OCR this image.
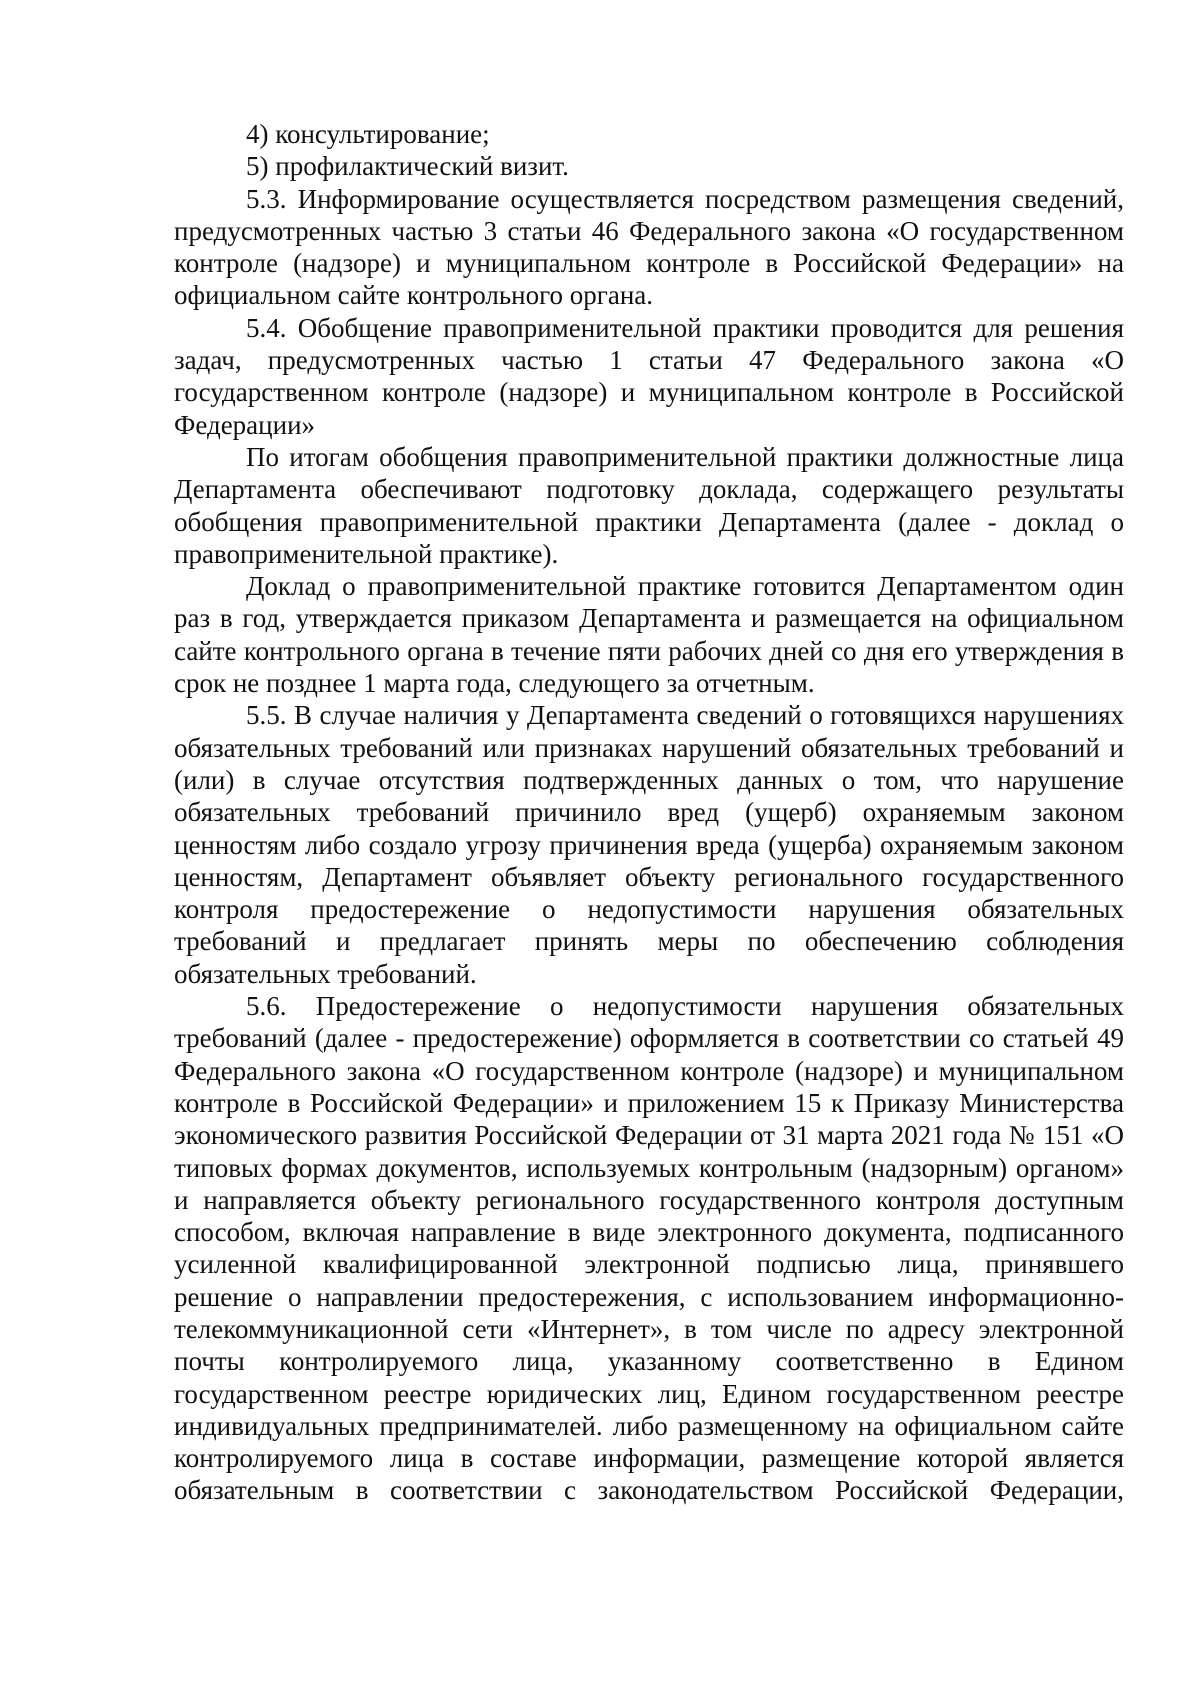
4) консультирование;

5) профилактический визит.

5.3. Информирование осуществляется посредством размещения сведений, предусмотренных частью 3 статьи 46 Федерального закона «О государственном контроле (надзоре) и муниципальном контроле в Российской Федерации» на официальном сайте контрольного органа.

5.4. Обобщение правоприменительной практики проводится для решения задач, предусмотренных частью 1 статьи 47 Федерального закона «О государственном контроле (надзоре) и муниципальном контроле в Российской Федерации»

По итогам обобщения правоприменительной практики должностные лица Департамента обеспечивают подготовку доклада, содержащего результаты обобщения правоприменительной практики Департамента (далее - доклад о правоприменительной практике).

Доклад о правоприменительной практике готовится Департаментом один раз в год, утверждается приказом Департамента и размещается на официальном сайте контрольного органа в течение пяти рабочих дней со дня его утверждения в срок не позднее 1 марта года, следующего за отчетным.

5.5. В случае наличия у Департамента сведений о готовящихся нарушениях обязательных требований или признаках нарушений обязательных требований и (или) в случае отсутствия подтвержденных данных о том, что нарушение обязательных требований причинило вред (ущерб) охраняемым законом ценностям либо создало угрозу причинения вреда (ущерба) охраняемым законом ценностям, Департамент объявляет объекту регионального государственного контроля предостережение о недопустимости нарушения обязательных требований и предлагает принять меры по обеспечению соблюдения обязательных требований.

5.6. Предостережение о недопустимости нарушения обязательных требований (далее - предостережение) оформляется в соответствии со статьей 49 Федерального закона «О государственном контроле (надзоре) и муниципальном контроле в Российской Федерации» и приложением 15 к Приказу Министерства экономического развития Российской Федерации от 31 марта 2021 года № 151 «О типовых формах документов, используемых контрольным (надзорным) органом» и направляется объекту регионального государственного контроля доступным способом, включая направление в виде электронного документа, подписанного усиленной квалифицированной электронной подписью лица, принявшего решение о направлении предостережения, с использованием информационно-телекоммуникационной сети «Интернет», в том числе по адресу электронной почты контролируемого лица, указанному соответственно в Едином государственном реестре юридических лиц, Едином государственном реестре индивидуальных предпринимателей. либо размещенному на официальном сайте контролируемого лица в составе информации, размещение которой является обязательным в соответствии с законодательством Российской Федерации,
